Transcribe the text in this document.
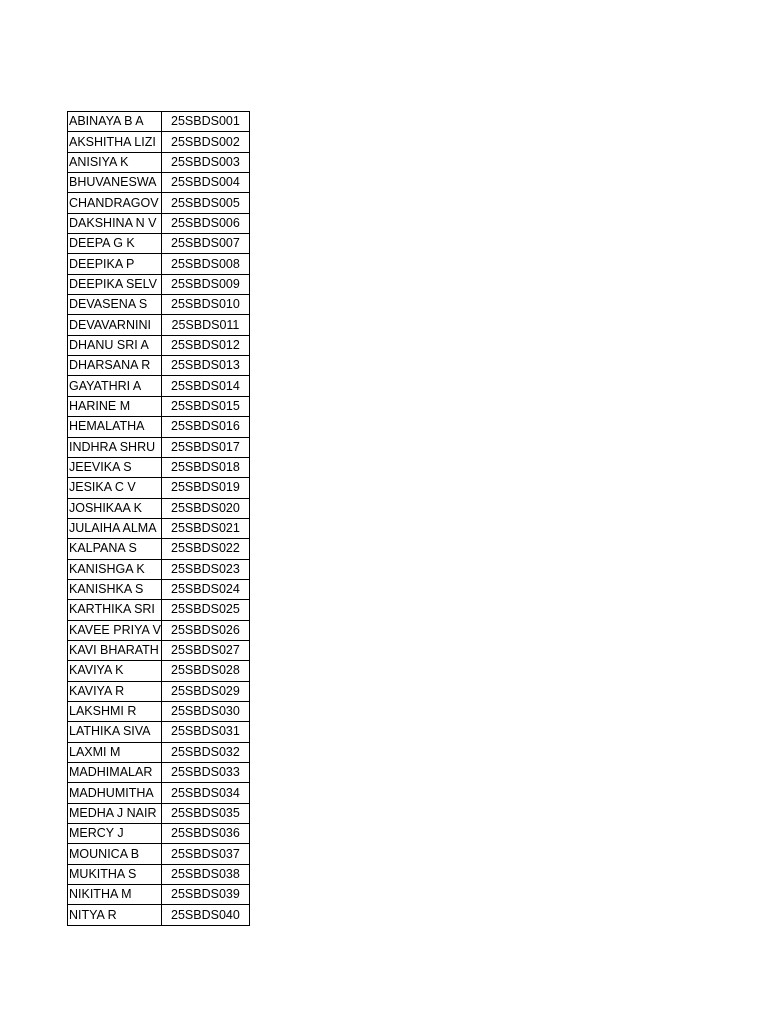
ABINAYA B A	25SBDS001
AKSHITHA LIZI	25SBDS002
ANISIYA K	25SBDS003
BHUVANESWA	25SBDS004
CHANDRAGOV	25SBDS005
DAKSHINA N V	25SBDS006
DEEPA G K	25SBDS007
DEEPIKA P	25SBDS008
DEEPIKA SELV	25SBDS009
DEVASENA S	25SBDS010
DEVAVARNINI	25SBDS011
DHANU SRI A	25SBDS012
DHARSANA R	25SBDS013
GAYATHRI A	25SBDS014
HARINE M	25SBDS015
HEMALATHA	25SBDS016
INDHRA SHRU	25SBDS017
JEEVIKA S	25SBDS018
JESIKA C V	25SBDS019
JOSHIKAA K	25SBDS020
JULAIHA ALMA	25SBDS021
KALPANA S	25SBDS022
KANISHGA K	25SBDS023
KANISHKA S	25SBDS024
KARTHIKA SRI	25SBDS025
KAVEE PRIYA V	25SBDS026
KAVI BHARATH	25SBDS027
KAVIYA K	25SBDS028
KAVIYA R	25SBDS029
LAKSHMI R	25SBDS030
LATHIKA SIVA	25SBDS031
LAXMI M	25SBDS032
MADHIMALAR	25SBDS033
MADHUMITHA	25SBDS034
MEDHA J NAIR	25SBDS035
MERCY J	25SBDS036
MOUNICA B	25SBDS037
MUKITHA S	25SBDS038
NIKITHA M	25SBDS039
NITYA R	25SBDS040
